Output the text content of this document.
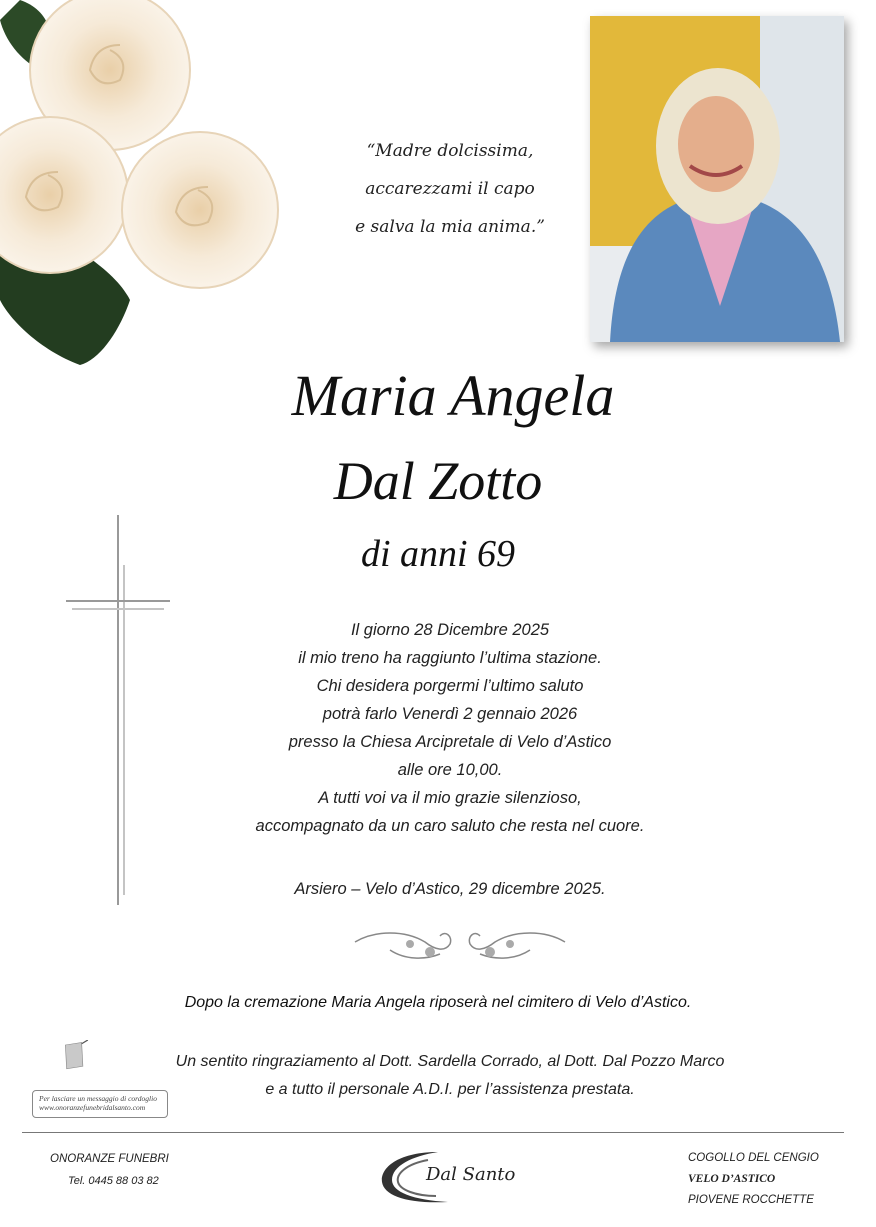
“Madre dolcissima,
accarezzami il capo
e salva la mia anima.”
Maria Angela
Dal Zotto
di anni 69
Il giorno 28 Dicembre 2025
il mio treno ha raggiunto l’ultima stazione.
Chi desidera porgermi l’ultimo saluto
potrà farlo Venerdì 2 gennaio 2026
presso la Chiesa Arcipretale di Velo d’Astico
alle ore 10,00.
A tutti voi va il mio grazie silenzioso,
accompagnato da un caro saluto che resta nel cuore.
Arsiero – Velo d’Astico, 29 dicembre 2025.
Dopo la cremazione Maria Angela riposerà nel cimitero di Velo d’Astico.
Per lasciare un messaggio di cordoglio
www.onoranzefunebridalsanto.com
Un sentito ringraziamento al Dott. Sardella Corrado, al Dott. Dal Pozzo Marco
e a tutto il personale A.D.I. per l’assistenza prestata.
ONORANZE FUNEBRI
Tel. 0445 88 03 82	Dal Santo
COGOLLO DEL CENGIO
VELO D’ASTICO
PIOVENE ROCCHETTE
